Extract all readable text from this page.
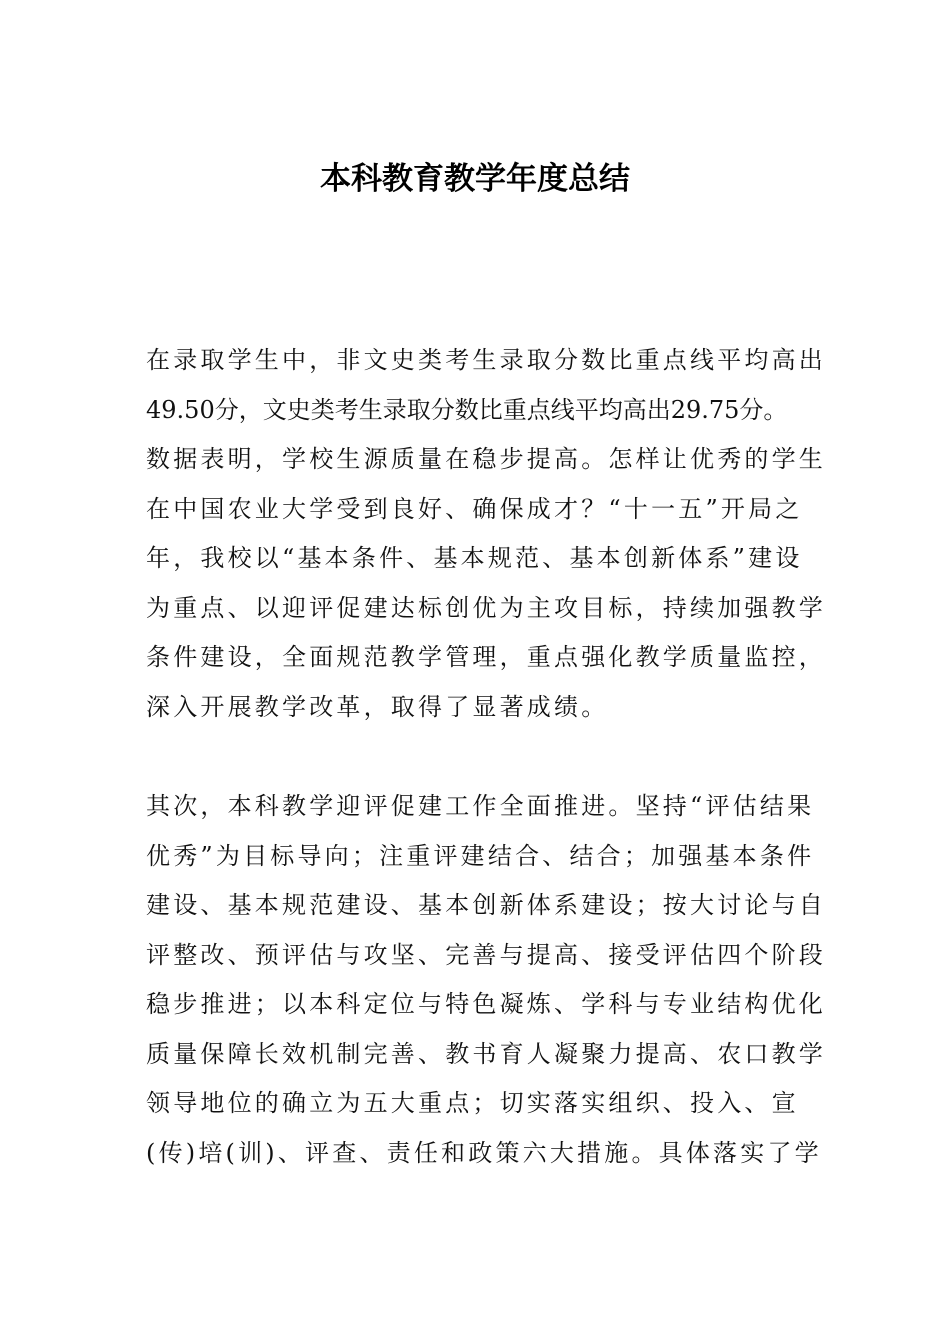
本科教育教学年度总结
在录取学生中，非文史类考生录取分数比重点线平均高出
49.50分，文史类考生录取分数比重点线平均高出29.75分。
数据表明，学校生源质量在稳步提高。怎样让优秀的学生
在中国农业大学受到良好、确保成才？“十一五”开局之
年，我校以“基本条件、基本规范、基本创新体系”建设
为重点、以迎评促建达标创优为主攻目标，持续加强教学
条件建设，全面规范教学管理，重点强化教学质量监控，
深入开展教学改革，取得了显著成绩。
其次，本科教学迎评促建工作全面推进。坚持“评估结果
优秀”为目标导向；注重评建结合、结合；加强基本条件
建设、基本规范建设、基本创新体系建设；按大讨论与自
评整改、预评估与攻坚、完善与提高、接受评估四个阶段
稳步推进；以本科定位与特色凝炼、学科与专业结构优化
质量保障长效机制完善、教书育人凝聚力提高、农口教学
领导地位的确立为五大重点；切实落实组织、投入、宣
(传)培(训)、评查、责任和政策六大措施。具体落实了学
